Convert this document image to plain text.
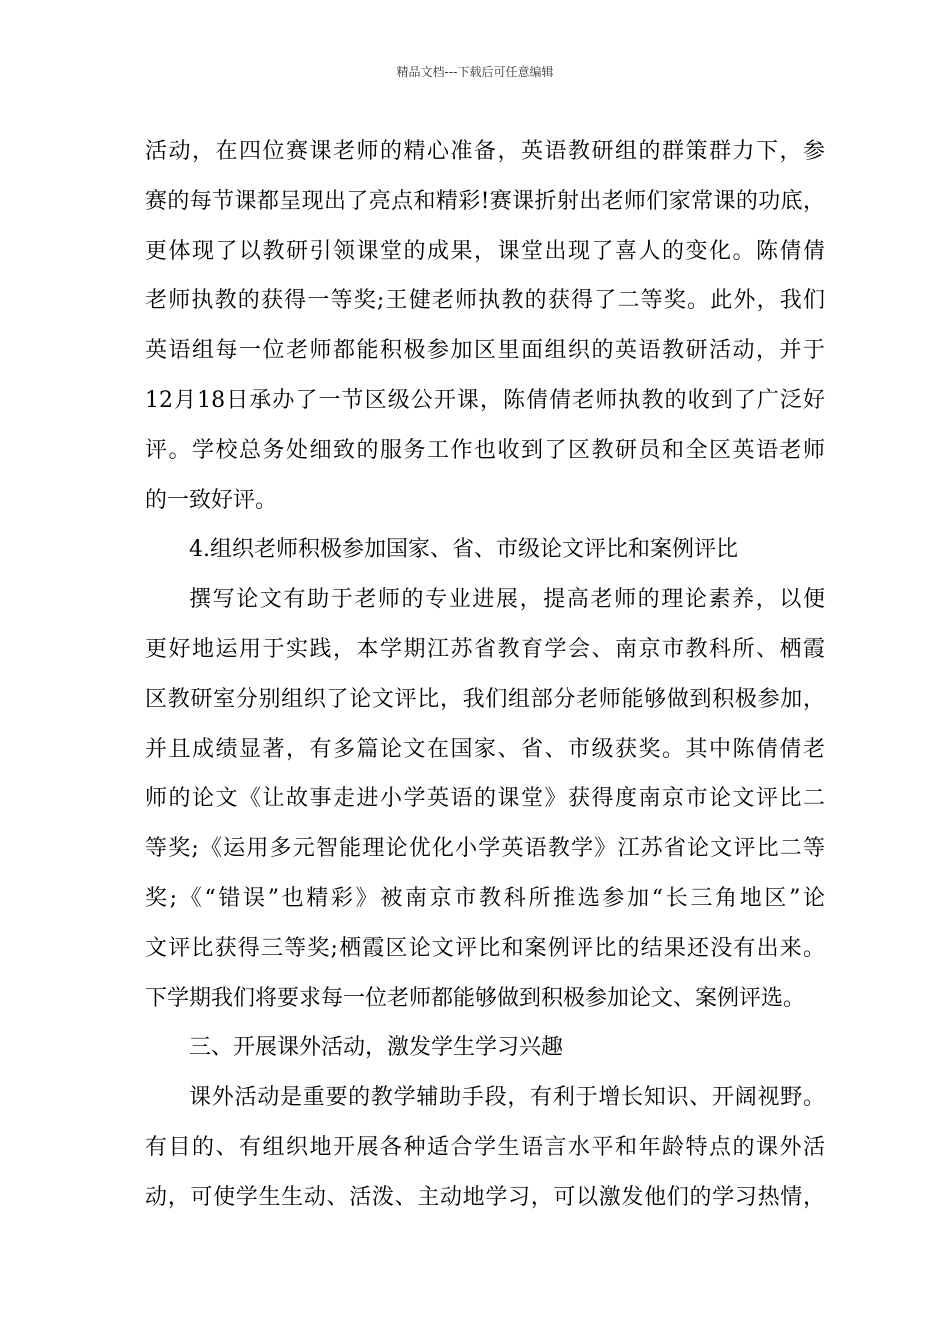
精品文档---下载后可任意编辑
活动，在四位赛课老师的精心准备，英语教研组的群策群力下，参
赛的每节课都呈现出了亮点和精彩!赛课折射出老师们家常课的功底，
更体现了以教研引领课堂的成果，课堂出现了喜人的变化。陈倩倩
老师执教的获得一等奖;王健老师执教的获得了二等奖。此外，我们
英语组每一位老师都能积极参加区里面组织的英语教研活动，并于
12月18日承办了一节区级公开课，陈倩倩老师执教的收到了广泛好
评。学校总务处细致的服务工作也收到了区教研员和全区英语老师
的一致好评。
4.组织老师积极参加国家、省、市级论文评比和案例评比
撰写论文有助于老师的专业进展，提高老师的理论素养，以便
更好地运用于实践，本学期江苏省教育学会、南京市教科所、栖霞
区教研室分别组织了论文评比，我们组部分老师能够做到积极参加，
并且成绩显著，有多篇论文在国家、省、市级获奖。其中陈倩倩老
师的论文《让故事走进小学英语的课堂》获得度南京市论文评比二
等奖;《运用多元智能理论优化小学英语教学》江苏省论文评比二等
奖;《“错误”也精彩》被南京市教科所推选参加“长三角地区”论
文评比获得三等奖;栖霞区论文评比和案例评比的结果还没有出来。
下学期我们将要求每一位老师都能够做到积极参加论文、案例评选。
三、开展课外活动，激发学生学习兴趣
课外活动是重要的教学辅助手段，有利于增长知识、开阔视野。
有目的、有组织地开展各种适合学生语言水平和年龄特点的课外活
动，可使学生生动、活泼、主动地学习，可以激发他们的学习热情，
